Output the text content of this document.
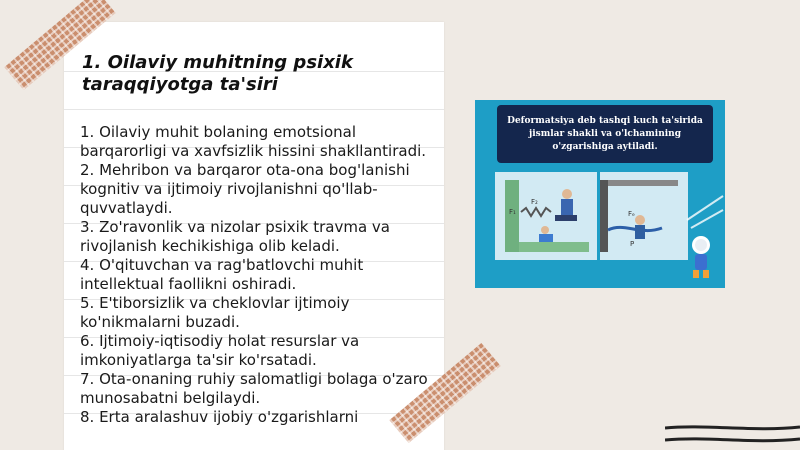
1. Oilaviy muhitning psixik taraqqiyotga ta'siri
1. Oilaviy muhit bolaning emotsional barqarorligi va xavfsizlik hissini shakllantiradi.
2. Mehribon va barqaror ota-ona bog'lanishi kognitiv va ijtimoiy rivojlanishni qo'llab-quvvatlaydi.
3. Zo'ravonlik va nizolar psixik travma va rivojlanish kechikishiga olib keladi.
4. O'qituvchan va rag'batlovchi muhit intellektual faollikni oshiradi.
5. E'tiborsizlik va cheklovlar ijtimoiy ko'nikmalarni buzadi.
6. Ijtimoiy-iqtisodiy holat resurslar va imkoniyatlarga ta'sir ko'rsatadi.
7. Ota-onaning ruhiy salomatligi bolaga o'zaro munosabatni belgilaydi.
8. Erta aralashuv ijobiy o'zgarishlarni
Deformatsiya deb tashqi kuch ta'sirida jismlar shakli va o'lchamining o'zgarishiga aytiladi.
F₁
F₂
Fₑ
P
